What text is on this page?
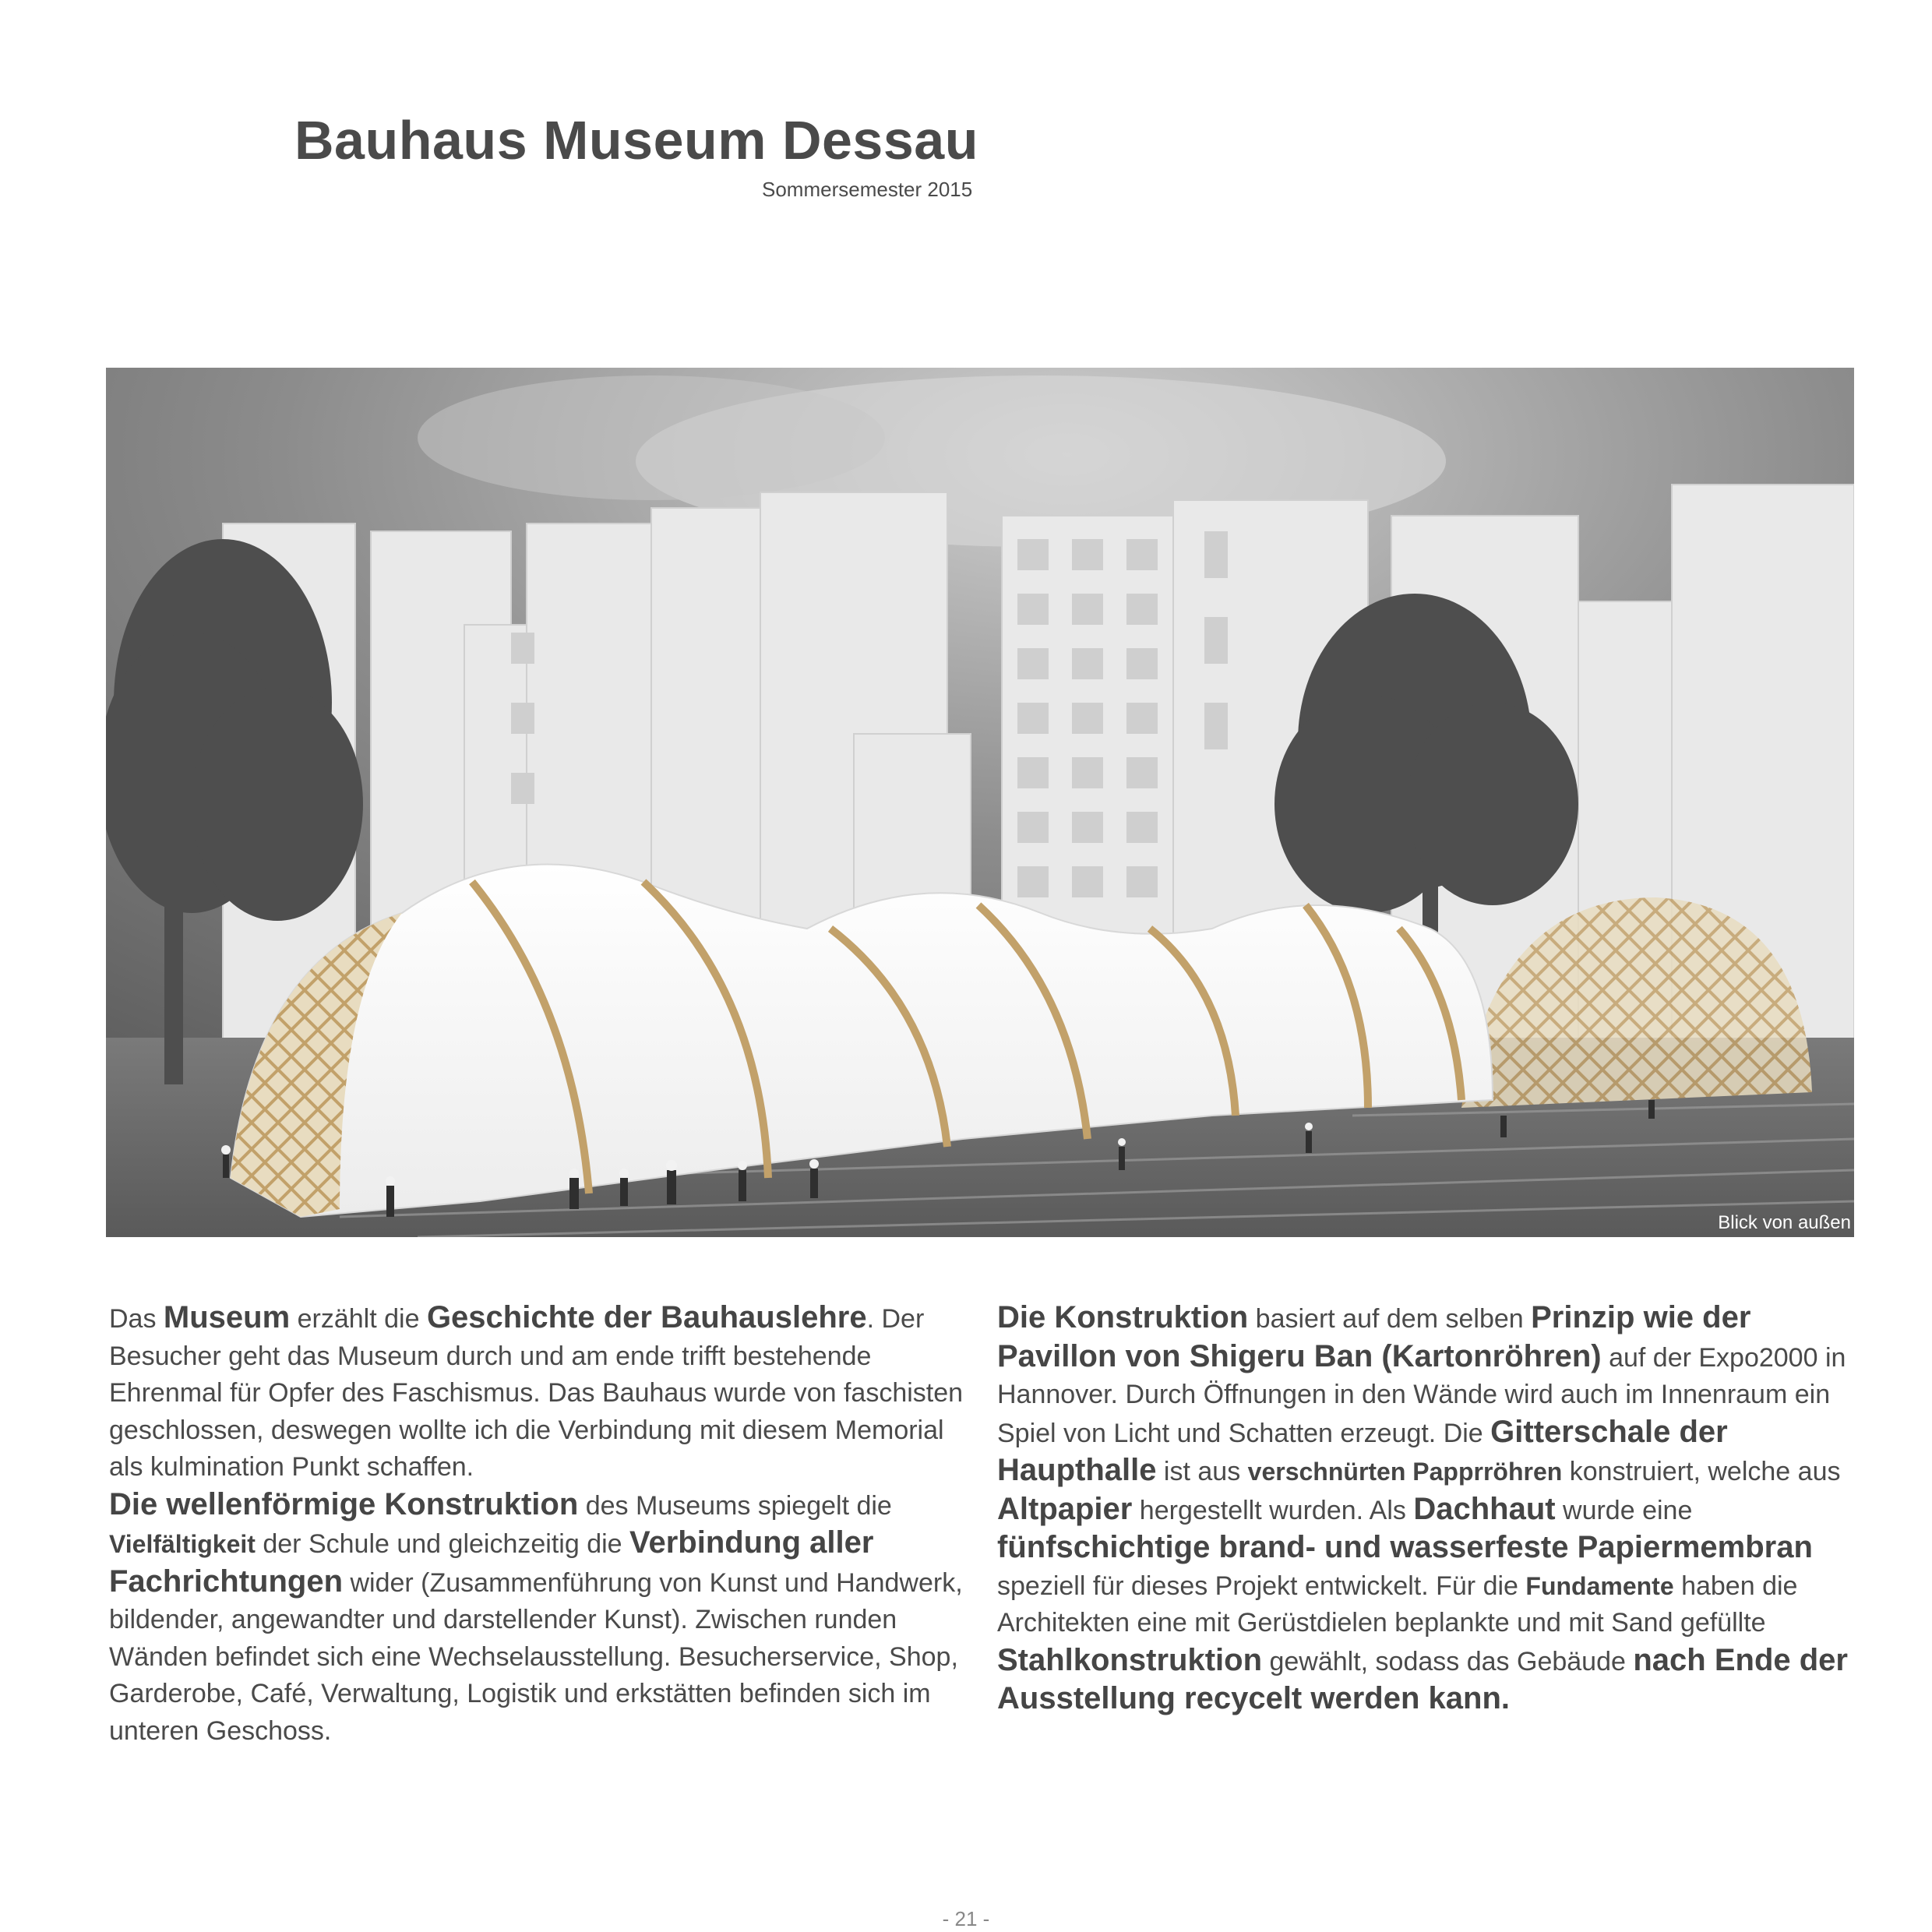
Bauhaus Museum Dessau
Sommersemester 2015
Blick von außen
Das Museum erzählt die Geschichte der Bauhauslehre. Der Besucher geht das Museum durch und am ende trifft bestehende Ehrenmal für Opfer des Faschismus. Das Bauhaus wurde von faschisten geschlossen, deswegen wollte ich die Verbindung mit diesem Memorial als kulmination Punkt schaffen.
Die wellenförmige Konstruktion des Museums spiegelt die Vielfältigkeit der Schule und gleichzeitig die Verbindung aller Fachrichtungen wider (Zusammenführung von Kunst und Handwerk, bildender, angewandter und darstellender Kunst). Zwischen runden Wänden befindet sich eine Wechselausstellung. Besucherservice, Shop, Garderobe, Café, Verwaltung, Logistik und erkstätten befinden sich im unteren Geschoss.
Die Konstruktion basiert auf dem selben Prinzip wie der Pavillon von Shigeru Ban (Kartonröhren) auf der Expo2000 in Hannover. Durch Öffnungen in den Wände wird auch im Innenraum ein Spiel von Licht und Schatten erzeugt. Die Gitterschale der Haupthalle ist aus verschnürten Papprröhren konstruiert, welche aus Altpapier hergestellt wurden. Als Dachhaut wurde eine fünfschichtige brand- und wasserfeste Papiermembran speziell für dieses Projekt entwickelt. Für die Fundamente haben die Architekten eine mit Gerüstdielen beplankte und mit Sand gefüllte Stahlkonstruktion gewählt, sodass das Gebäude nach Ende der Ausstellung recycelt werden kann.
- 21 -
